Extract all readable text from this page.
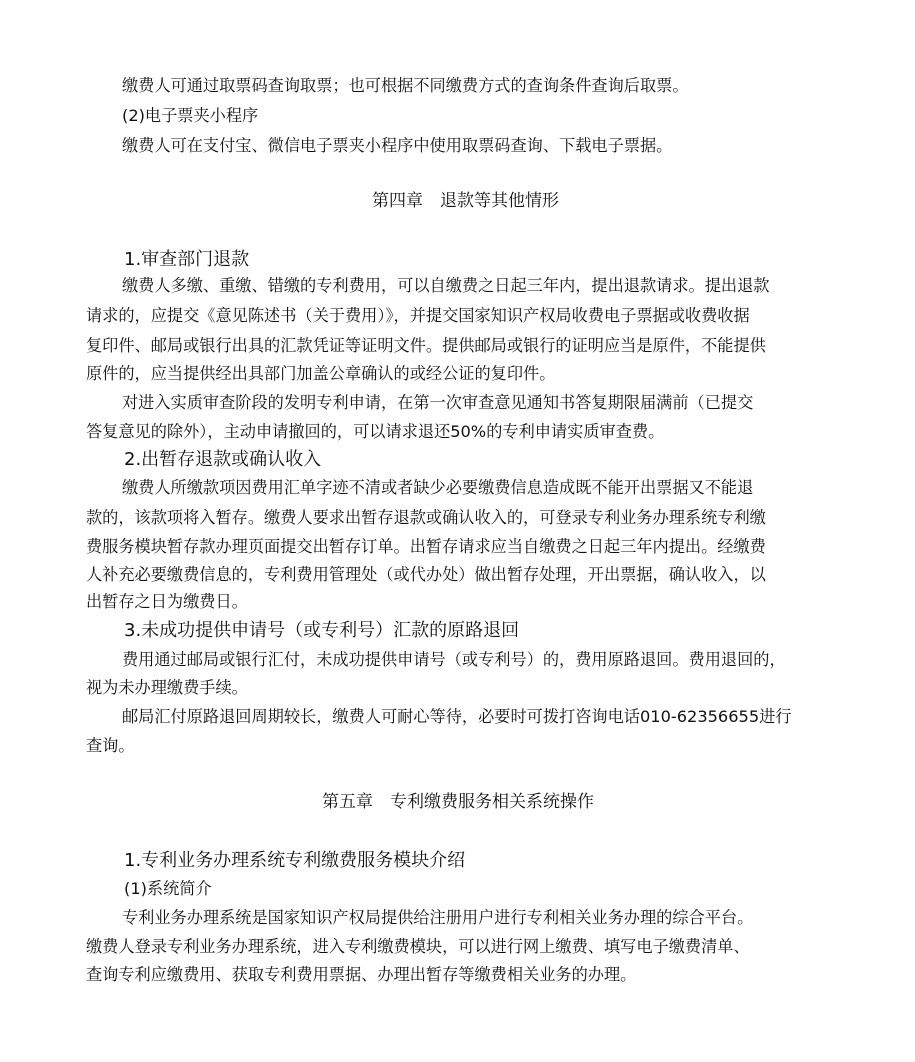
缴费人可通过取票码查询取票；也可根据不同缴费方式的查询条件查询后取票。
(2)电子票夹小程序
缴费人可在支付宝、微信电子票夹小程序中使用取票码查询、下载电子票据。
第四章　退款等其他情形
1.审查部门退款
缴费人多缴、重缴、错缴的专利费用，可以自缴费之日起三年内，提出退款请求。提出退款
请求的，应提交《意见陈述书（关于费用）》，并提交国家知识产权局收费电子票据或收费收据
复印件、邮局或银行出具的汇款凭证等证明文件。提供邮局或银行的证明应当是原件，不能提供
原件的，应当提供经出具部门加盖公章确认的或经公证的复印件。
对进入实质审查阶段的发明专利申请，在第一次审查意见通知书答复期限届满前（已提交
答复意见的除外），主动申请撤回的，可以请求退还50%的专利申请实质审查费。
2.出暂存退款或确认收入
缴费人所缴款项因费用汇单字迹不清或者缺少必要缴费信息造成既不能开出票据又不能退
款的，该款项将入暂存。缴费人要求出暂存退款或确认收入的，可登录专利业务办理系统专利缴
费服务模块暂存款办理页面提交出暂存订单。出暂存请求应当自缴费之日起三年内提出。经缴费
人补充必要缴费信息的，专利费用管理处（或代办处）做出暂存处理，开出票据，确认收入，以
出暂存之日为缴费日。
3.未成功提供申请号（或专利号）汇款的原路退回
费用通过邮局或银行汇付，未成功提供申请号（或专利号）的，费用原路退回。费用退回的，
视为未办理缴费手续。
邮局汇付原路退回周期较长，缴费人可耐心等待，必要时可拨打咨询电话010-62356655进行
查询。
第五章　专利缴费服务相关系统操作
1.专利业务办理系统专利缴费服务模块介绍
(1)系统简介
专利业务办理系统是国家知识产权局提供给注册用户进行专利相关业务办理的综合平台。
缴费人登录专利业务办理系统，进入专利缴费模块，可以进行网上缴费、填写电子缴费清单、
查询专利应缴费用、获取专利费用票据、办理出暂存等缴费相关业务的办理。
